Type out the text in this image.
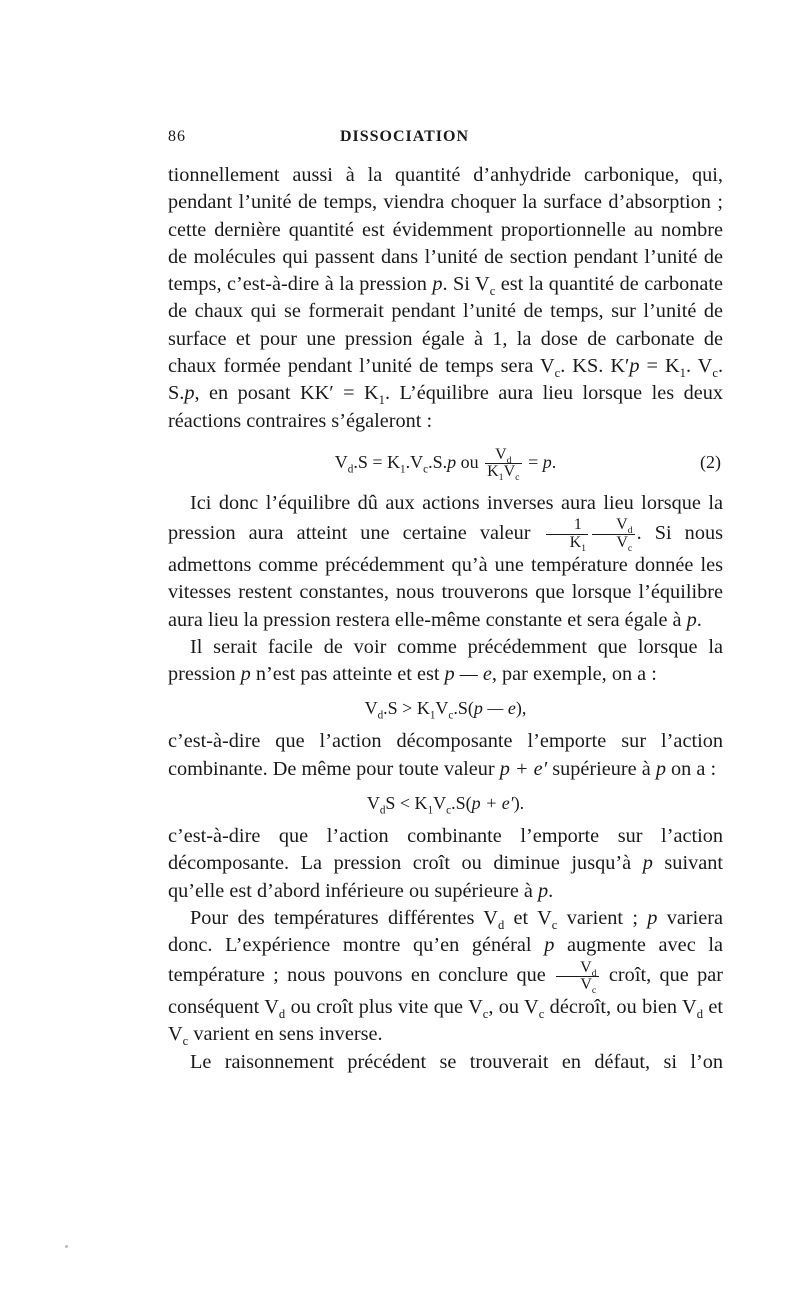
86	DISSOCIATION

tionnellement aussi à la quantité d’anhydride carbonique, qui, pendant l’unité de temps, viendra choquer la surface d’absorption ; cette dernière quantité est évidemment proportionnelle au nombre de molécules qui passent dans l’unité de section pendant l’unité de temps, c’est-à-dire à la pression p. Si $V_c$ est la quantité de carbonate de chaux qui se formerait pendant l’unité de temps, sur l’unité de surface et pour une pression égale à 1, la dose de carbonate de chaux formée pendant l’unité de temps sera $V_c$. KS. $K'p = K_1$. $V_c$. S.p, en posant $KK' = K_1$. L’équilibre aura lieu lorsque les deux réactions contraires s’égaleront :

$V_d.S = K_1.V_c.S.p$ ou $\frac{V_d}{K_1V_c} = p$.	(2)

Ici donc l’équilibre dû aux actions inverses aura lieu lorsque la pression aura atteint une certaine valeur $\frac{1}{K_1} \frac{V_d}{V_c}$ . Si nous admettons comme précédemment qu’à une température donnée les vitesses restent constantes, nous trouverons que lorsque l’équilibre aura lieu la pression restera elle-même constante et sera égale à p.

Il serait facile de voir comme précédemment que lorsque la pression p n’est pas atteinte et est p — e, par exemple, on a :

$V_d.S > K_1V_c.S(p$ — e),

c’est-à-dire que l’action décomposante l’emporte sur l’action combinante. De même pour toute valeur p + e′ supérieure à p on a :

$V_dS < K_1V_c.S(p + e')$.

c’est-à-dire que l’action combinante l’emporte sur l’action décomposante. La pression croît ou diminue jusqu’à p suivant qu’elle est d’abord inférieure ou supérieure à p.

Pour des températures différentes $V_d$ et $V_c$ varient ; p variera donc. L’expérience montre qu’en général p augmente avec la température ; nous pouvons en conclure que $\frac{V_d}{V_c}$ croît, que par conséquent $V_d$ ou croît plus vite que $V_c$, ou $V_c$ décroît, ou bien $V_d$ et $V_c$ varient en sens inverse.

Le raisonnement précédent se trouverait en défaut, si l’on
